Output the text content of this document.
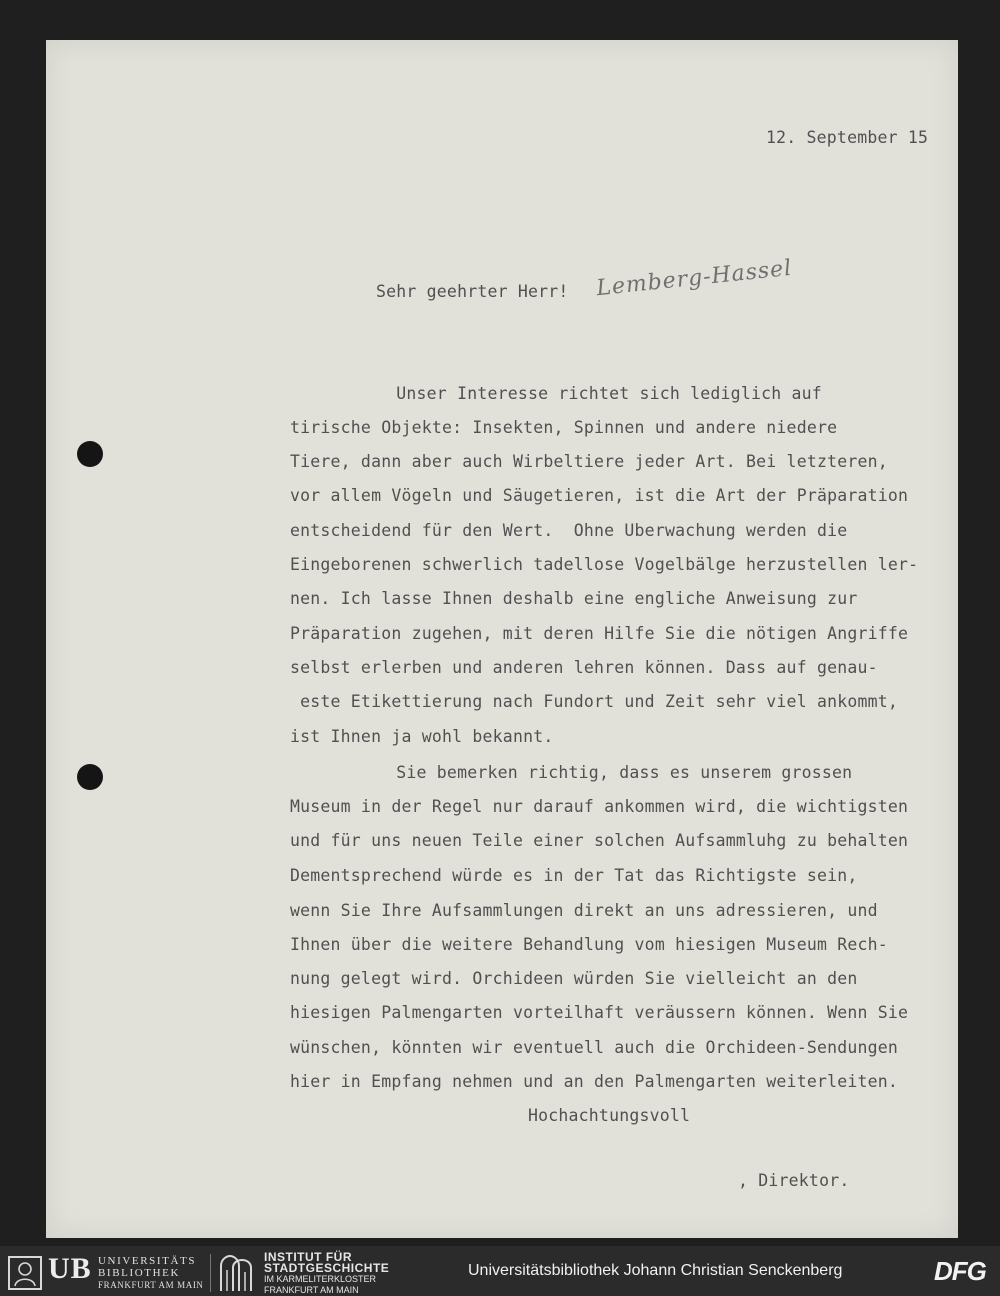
12. September 15
Sehr geehrter Herr! Lemberg-Hassel
Unser Interesse richtet sich lediglich auf
tirische Objekte: Insekten, Spinnen und andere niedere
Tiere, dann aber auch Wirbeltiere jeder Art. Bei letzteren,
vor allem Vögeln und Säugetieren, ist die Art der Präparation
entscheidend für den Wert.  Ohne Uberwachung werden die
Eingeborenen schwerlich tadellose Vogelbälge herzustellen ler-
nen. Ich lasse Ihnen deshalb eine engliche Anweisung zur
Präparation zugehen, mit deren Hilfe Sie die nötigen Angriffe
selbst erlerben und anderen lehren können. Dass auf genau-
este Etikettierung nach Fundort und Zeit sehr viel ankommt,
ist Ihnen ja wohl bekannt.
Sie bemerken richtig, dass es unserem grossen
Museum in der Regel nur darauf ankommen wird, die wichtigsten
und für uns neuen Teile einer solchen Aufsammluhg zu behalten
Dementsprechend würde es in der Tat das Richtigste sein,
wenn Sie Ihre Aufsammlungen direkt an uns adressieren, und
Ihnen über die weitere Behandlung vom hiesigen Museum Rech-
nung gelegt wird. Orchideen würden Sie vielleicht an den
hiesigen Palmengarten vorteilhaft veräussern können. Wenn Sie
wünschen, könnten wir eventuell auch die Orchideen-Sendungen
hier in Empfang nehmen und an den Palmengarten weiterleiten.
Hochachtungsvoll
, Direktor.
UB UNIVERSITÄTS
BIBLIOTHEK
FRANKFURT AM MAIN
INSTITUT FÜR
STADTGESCHICHTE
IM KARMELITERKLOSTER
FRANKFURT AM MAIN
Universitätsbibliothek Johann Christian Senckenberg	DFG
